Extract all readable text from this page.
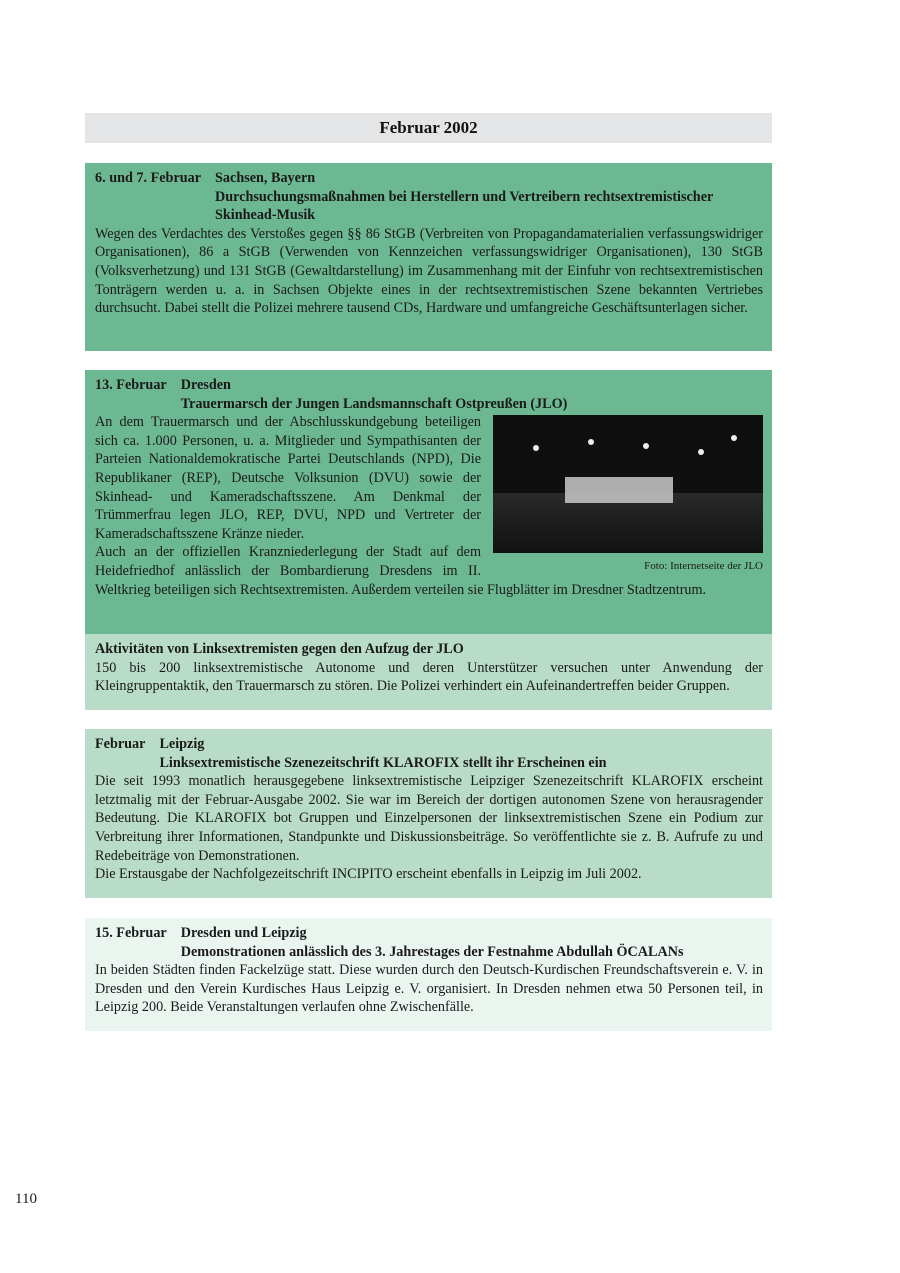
Februar 2002
6. und 7. Februar Sachsen, Bayern
Durchsuchungsmaßnahmen bei Herstellern und Vertreibern rechtsextremistischer Skinhead-Musik
Wegen des Verdachtes des Verstoßes gegen §§ 86 StGB (Verbreiten von Propagandamaterialien verfassungswidriger Organisationen), 86 a StGB (Verwenden von Kennzeichen verfassungswidriger Organisationen), 130 StGB (Volksverhetzung) und 131 StGB (Gewaltdarstellung) im Zusammenhang mit der Einfuhr von rechtsextremistischen Tonträgern werden u. a. in Sachsen Objekte eines in der rechtsextremistischen Szene bekannten Vertriebes durchsucht. Dabei stellt die Polizei mehrere tausend CDs, Hardware und umfangreiche Geschäftsunterlagen sicher.
13. Februar Dresden
Trauermarsch der Jungen Landsmannschaft Ostpreußen (JLO)
Foto: Internetseite der JLO

An dem Trauermarsch und der Abschlusskundgebung beteiligen sich ca. 1.000 Personen, u. a. Mitglieder und Sympathisanten der Parteien Nationaldemokratische Partei Deutschlands (NPD), Die Republikaner (REP), Deutsche Volksunion (DVU) sowie der Skinhead- und Kameradschaftsszene. Am Denkmal der Trümmerfrau legen JLO, REP, DVU, NPD und Vertreter der Kameradschaftsszene Kränze nieder.

Auch an der offiziellen Kranzniederlegung der Stadt auf dem Heidefriedhof anlässlich der Bombardierung Dresdens im II. Weltkrieg beteiligen sich Rechtsextremisten. Außerdem verteilen sie Flugblätter im Dresdner Stadtzentrum.

Aktivitäten von Linksextremisten gegen den Aufzug der JLO
150 bis 200 linksextremistische Autonome und deren Unterstützer versuchen unter Anwendung der Kleingruppentaktik, den Trauermarsch zu stören. Die Polizei verhindert ein Aufeinandertreffen beider Gruppen.
Februar Leipzig
Linksextremistische Szenezeitschrift KLAROFIX stellt ihr Erscheinen ein

Die seit 1993 monatlich herausgegebene linksextremistische Leipziger Szenezeitschrift KLAROFIX erscheint letztmalig mit der Februar-Ausgabe 2002. Sie war im Bereich der dortigen autonomen Szene von herausragender Bedeutung. Die KLAROFIX bot Gruppen und Einzelpersonen der linksextremistischen Szene ein Podium zur Verbreitung ihrer Informationen, Standpunkte und Diskussionsbeiträge. So veröffentlichte sie z. B. Aufrufe zu und Redebeiträge von Demonstrationen.

Die Erstausgabe der Nachfolgezeitschrift INCIPITO erscheint ebenfalls in Leipzig im Juli 2002.

15. Februar Dresden und Leipzig
Demonstrationen anlässlich des 3. Jahrestages der Festnahme Abdullah ÖCALANs
In beiden Städten finden Fackelzüge statt. Diese wurden durch den Deutsch-Kurdischen Freundschaftsverein e. V. in Dresden und den Verein Kurdisches Haus Leipzig e. V. organisiert. In Dresden nehmen etwa 50 Personen teil, in Leipzig 200. Beide Veranstaltungen verlaufen ohne Zwischenfälle.
110
